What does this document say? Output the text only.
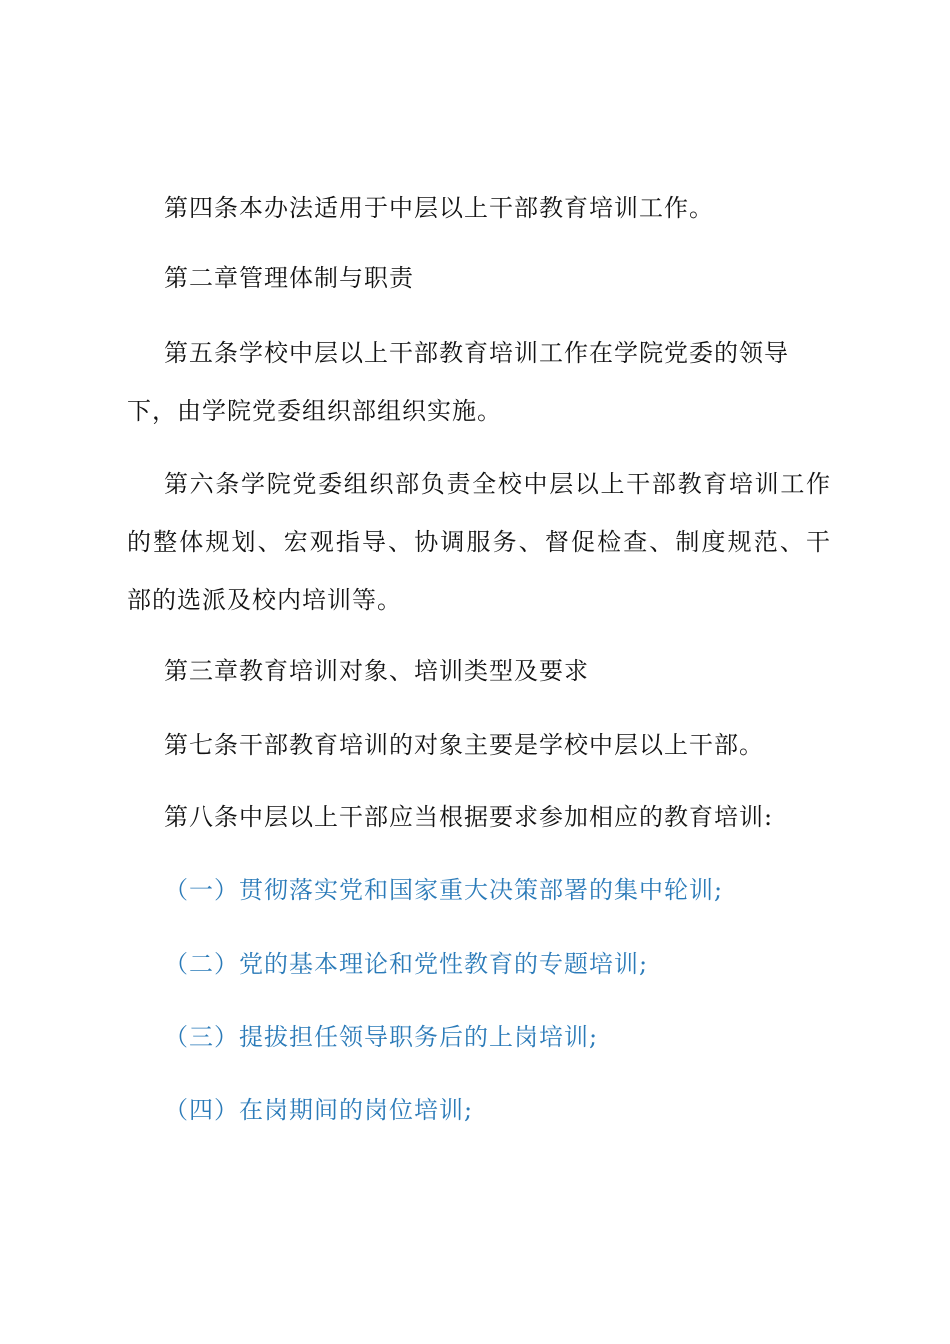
第四条本办法适用于中层以上干部教育培训工作。
第二章管理体制与职责
第五条学校中层以上干部教育培训工作在学院党委的领导
下，由学院党委组织部组织实施。
第六条学院党委组织部负责全校中层以上干部教育培训工作
的整体规划、宏观指导、协调服务、督促检查、制度规范、干
部的选派及校内培训等。
第三章教育培训对象、培训类型及要求
第七条干部教育培训的对象主要是学校中层以上干部。
第八条中层以上干部应当根据要求参加相应的教育培训:
（一）贯彻落实党和国家重大决策部署的集中轮训;
（二）党的基本理论和党性教育的专题培训;
（三）提拔担任领导职务后的上岗培训;
（四）在岗期间的岗位培训;
